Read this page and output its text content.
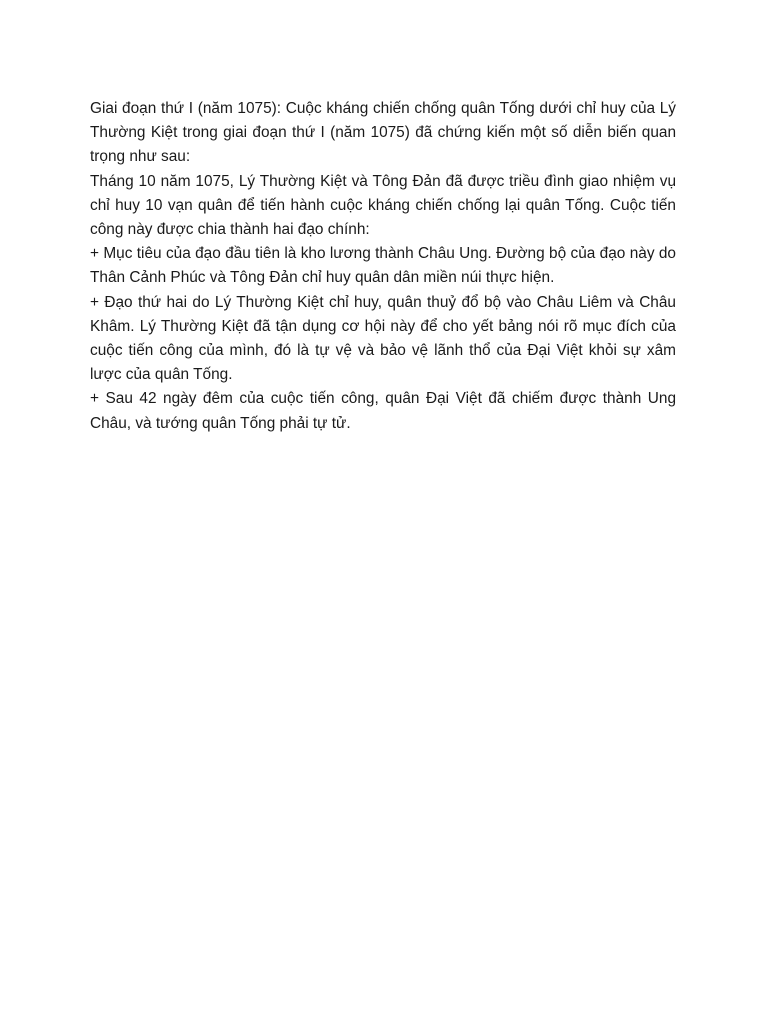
Giai đoạn thứ I (năm 1075): Cuộc kháng chiến chống quân Tống dưới chỉ huy của Lý Thường Kiệt trong giai đoạn thứ I (năm 1075) đã chứng kiến một số diễn biến quan trọng như sau:

Tháng 10 năm 1075, Lý Thường Kiệt và Tông Đản đã được triều đình giao nhiệm vụ chỉ huy 10 vạn quân để tiến hành cuộc kháng chiến chống lại quân Tống. Cuộc tiến công này được chia thành hai đạo chính:

+ Mục tiêu của đạo đầu tiên là kho lương thành Châu Ung. Đường bộ của đạo này do Thân Cảnh Phúc và Tông Đản chỉ huy quân dân miền núi thực hiện.

+ Đạo thứ hai do Lý Thường Kiệt chỉ huy, quân thuỷ đổ bộ vào Châu Liêm và Châu Khâm. Lý Thường Kiệt đã tận dụng cơ hội này để cho yết bảng nói rõ mục đích của cuộc tiến công của mình, đó là tự vệ và bảo vệ lãnh thổ của Đại Việt khỏi sự xâm lược của quân Tống.

+ Sau 42 ngày đêm của cuộc tiến công, quân Đại Việt đã chiếm được thành Ung Châu, và tướng quân Tống phải tự tử.
